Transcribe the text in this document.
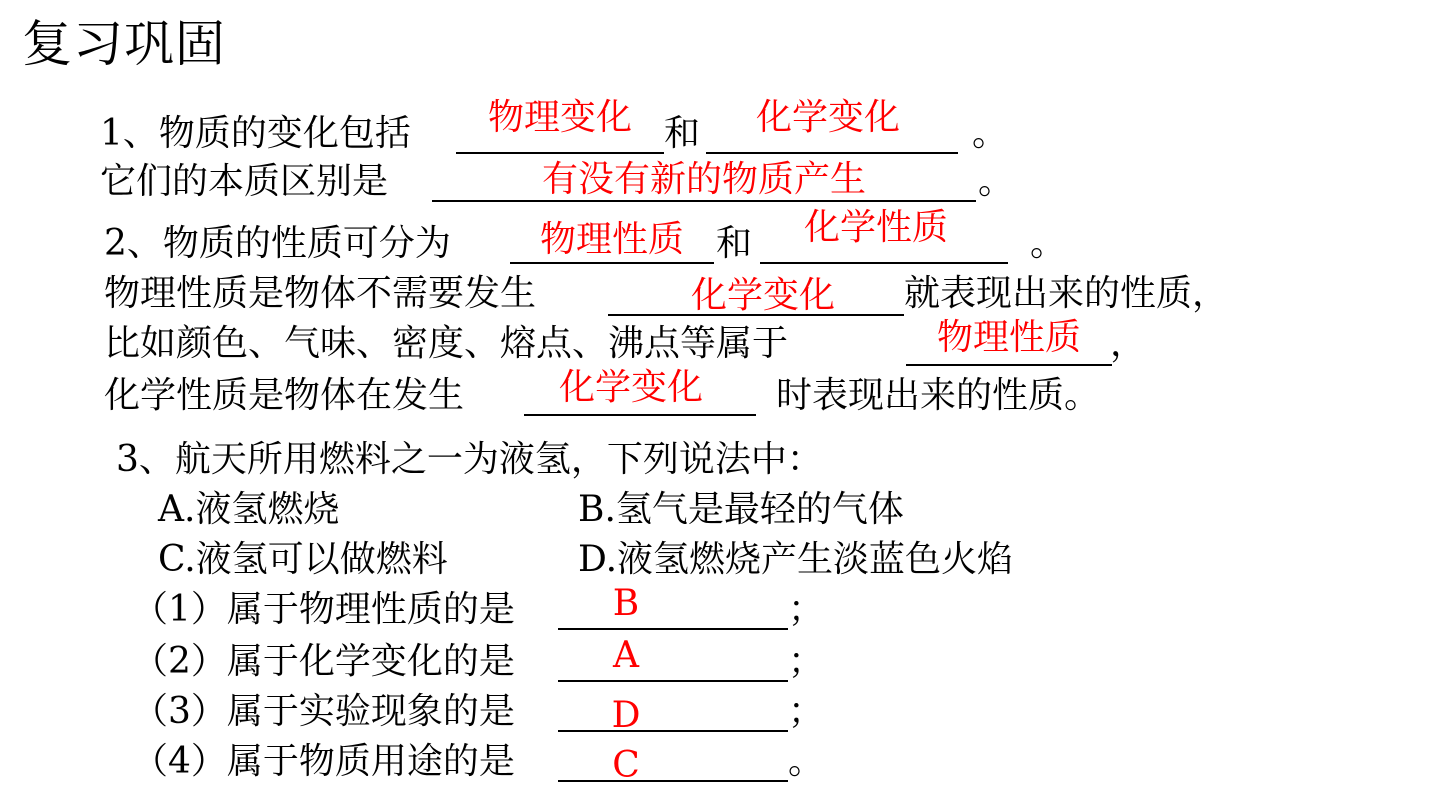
复习巩固
1、物质的变化包括	物理变化 和	化学变化	。
它们的本质区别是	有没有新的物质产生	。
2、物质的性质可分为	物理性质 和	化学性质	。
物理性质是物体不需要发生	化学变化	就表现出来的性质，
比如颜色、气味、密度、熔点、沸点等属于	物理性质 ，
化学性质是物体在发生	化学变化	时表现出来的性质。
3、航天所用燃料之一为液氢，下列说法中：
A.液氢燃烧	B.氢气是最轻的气体
C.液氢可以做燃料	D.液氢燃烧产生淡蓝色火焰
（1）属于物理性质的是	B	；
（2）属于化学变化的是	A	；
（3）属于实验现象的是	D	；
（4）属于物质用途的是	C	。
